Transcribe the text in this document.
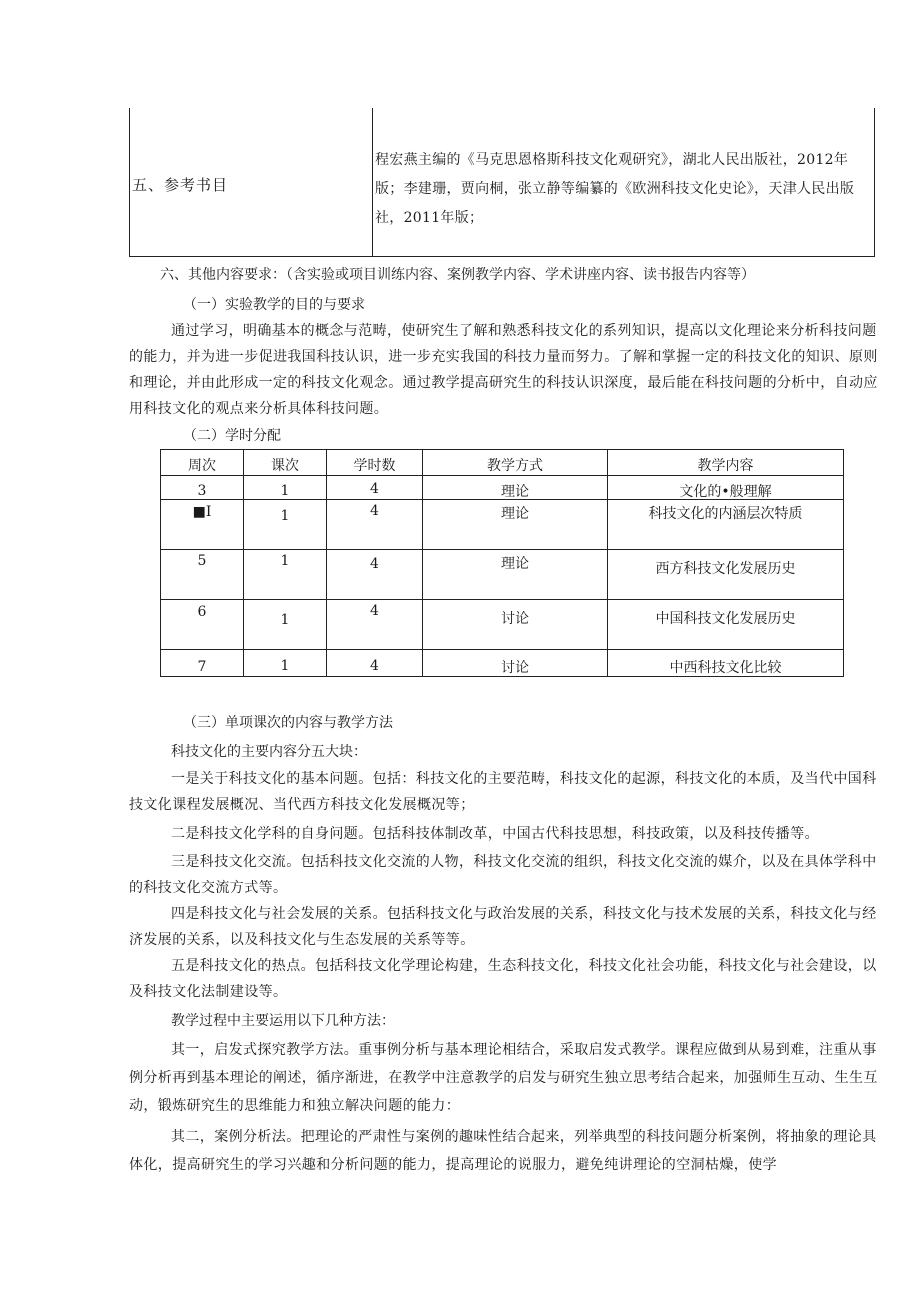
五、参考书目
程宏燕主编的《马克思恩格斯科技文化观研究》，湖北人民出版社，2012年版；李建珊，贾向桐，张立静等编纂的《欧洲科技文化史论》，天津人民出版社，2011年版；
六、其他内容要求：（含实验或项目训练内容、案例教学内容、学术讲座内容、读书报告内容等）
（一）实验教学的目的与要求
通过学习，明确基本的概念与范畴，使研究生了解和熟悉科技文化的系列知识，提高以文化理论来分析科技问题的能力，并为进一步促进我国科技认识，进一步充实我国的科技力量而努力。了解和掌握一定的科技文化的知识、原则和理论，并由此形成一定的科技文化观念。通过教学提高研究生的科技认识深度，最后能在科技问题的分析中，自动应用科技文化的观点来分析具体科技问题。
（二）学时分配
周次	课次	学时数	教学方式	教学内容

3	1	4	理论	文化的•般理解

■I	1	4	理论	科技文化的内涵层次特质

5	1	4	理论	西方科技文化发展历史

6	1	4	讨论	中国科技文化发展历史

7	1	4	讨论	中西科技文化比较
（三）单项课次的内容与教学方法
科技文化的主要内容分五大块：
一是关于科技文化的基本问题。包括：科技文化的主要范畴，科技文化的起源，科技文化的本质，及当代中国科技文化课程发展概况、当代西方科技文化发展概况等；
二是科技文化学科的自身问题。包括科技体制改革，中国古代科技思想，科技政策，以及科技传播等。
三是科技文化交流。包括科技文化交流的人物，科技文化交流的组织，科技文化交流的媒介，以及在具体学科中的科技文化交流方式等。
四是科技文化与社会发展的关系。包括科技文化与政治发展的关系，科技文化与技术发展的关系，科技文化与经济发展的关系，以及科技文化与生态发展的关系等等。
五是科技文化的热点。包括科技文化学理论构建，生态科技文化，科技文化社会功能，科技文化与社会建设，以及科技文化法制建设等。
教学过程中主要运用以下几种方法：
其一，启发式探究教学方法。重事例分析与基本理论相结合，采取启发式教学。课程应做到从易到难，注重从事例分析再到基本理论的阐述，循序渐进，在教学中注意教学的启发与研究生独立思考结合起来，加强师生互动、生生互动，锻炼研究生的思维能力和独立解决问题的能力：
其二，案例分析法。把理论的严肃性与案例的趣味性结合起来，列举典型的科技问题分析案例，将抽象的理论具体化，提高研究生的学习兴趣和分析问题的能力，提高理论的说服力，避免纯讲理论的空洞枯燥，使学
